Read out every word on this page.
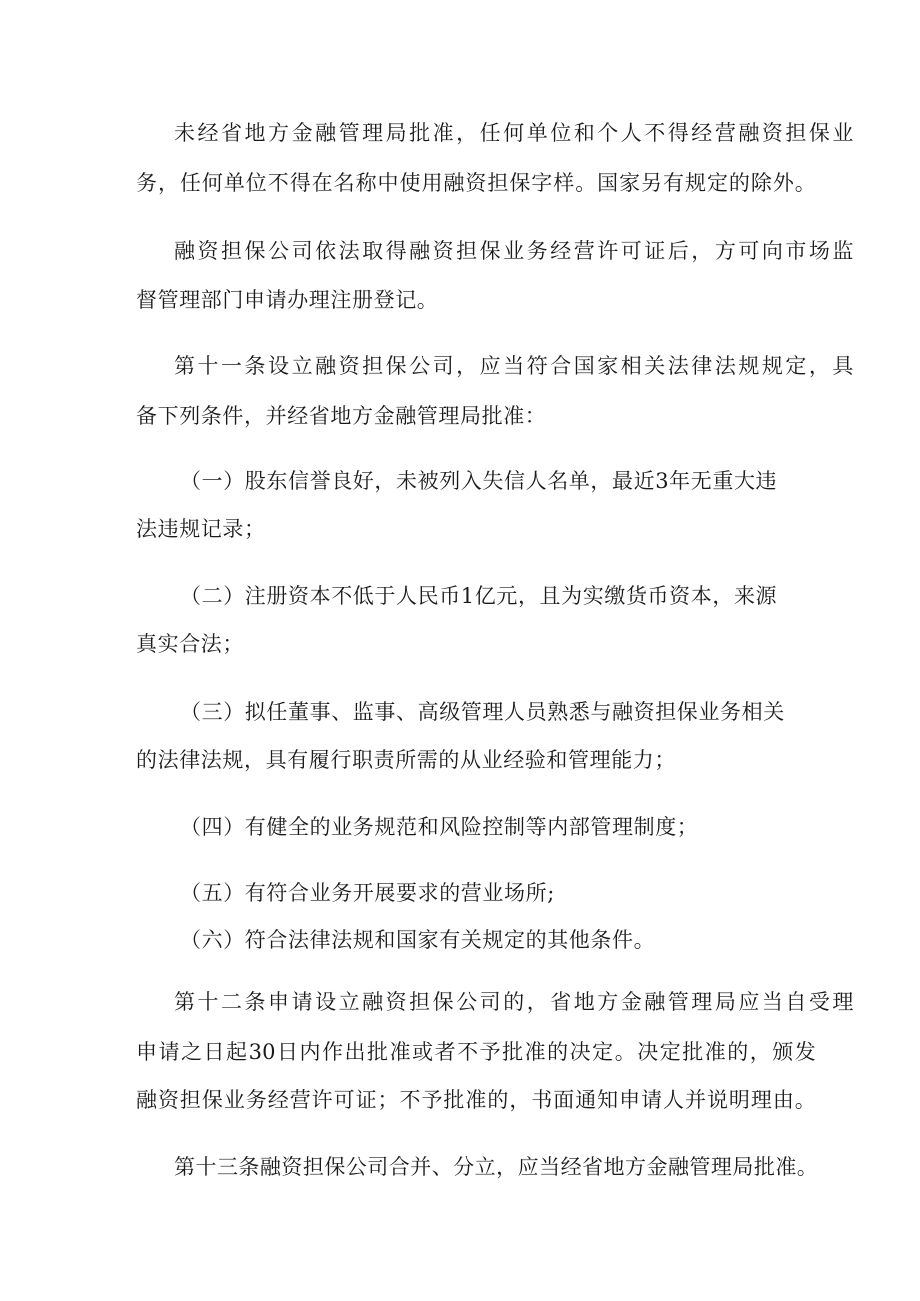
未经省地方金融管理局批准，任何单位和个人不得经营融资担保业
务，任何单位不得在名称中使用融资担保字样。国家另有规定的除外。
融资担保公司依法取得融资担保业务经营许可证后，方可向市场监
督管理部门申请办理注册登记。
第十一条设立融资担保公司，应当符合国家相关法律法规规定，具
备下列条件，并经省地方金融管理局批准：
（一）股东信誉良好，未被列入失信人名单，最近3年无重大违
法违规记录；
（二）注册资本不低于人民币1亿元，且为实缴货币资本，来源
真实合法；
（三）拟任董事、监事、高级管理人员熟悉与融资担保业务相关
的法律法规，具有履行职责所需的从业经验和管理能力；
（四）有健全的业务规范和风险控制等内部管理制度；
（五）有符合业务开展要求的营业场所;
（六）符合法律法规和国家有关规定的其他条件。
第十二条申请设立融资担保公司的，省地方金融管理局应当自受理
申请之日起30日内作出批准或者不予批准的决定。决定批准的，颁发
融资担保业务经营许可证；不予批准的，书面通知申请人并说明理由。
第十三条融资担保公司合并、分立，应当经省地方金融管理局批准。
